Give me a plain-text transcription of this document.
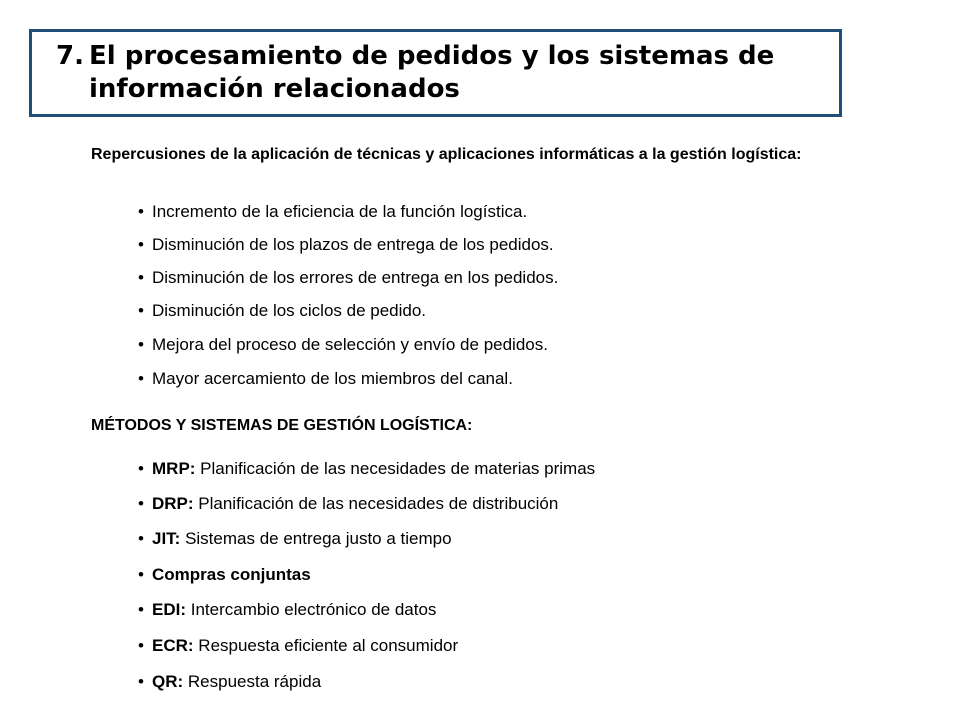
7. El procesamiento de pedidos y los sistemas de
información relacionados
Repercusiones de la aplicación de técnicas y aplicaciones informáticas a la gestión logística:
• Incremento de la eficiencia de la función logística.
• Disminución de los plazos de entrega de los pedidos.
• Disminución de los errores de entrega en los pedidos.
• Disminución de los ciclos de pedido.
• Mejora del proceso de selección y envío de pedidos.
• Mayor acercamiento de los miembros del canal.
MÉTODOS Y SISTEMAS DE GESTIÓN LOGÍSTICA:
• MRP: Planificación de las necesidades de materias primas
• DRP: Planificación de las necesidades de distribución
• JIT: Sistemas de entrega justo a tiempo
• Compras conjuntas
• EDI: Intercambio electrónico de datos
• ECR: Respuesta eficiente al consumidor
• QR: Respuesta rápida
